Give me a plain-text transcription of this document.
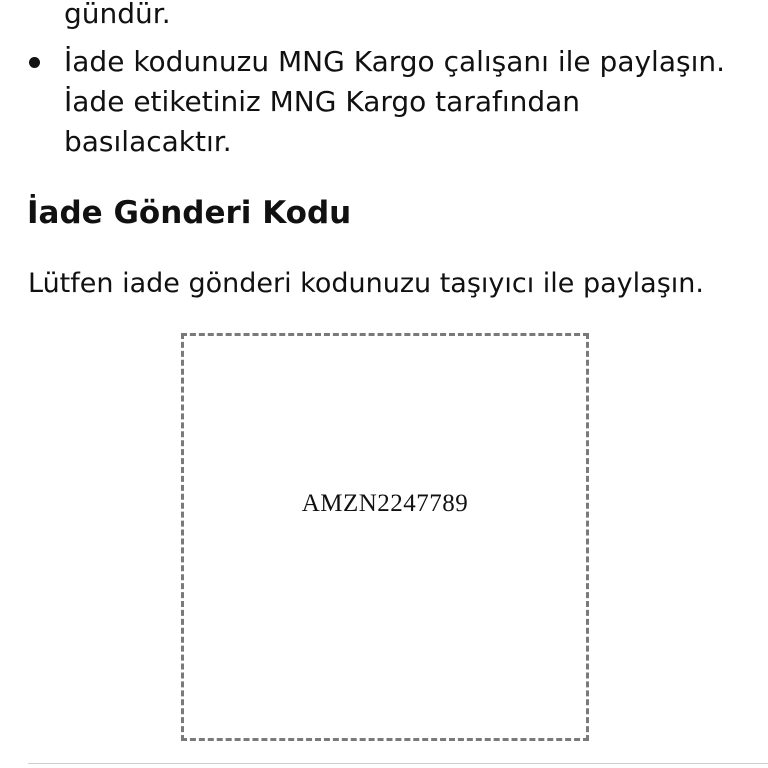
gündür.
İade kodunuzu MNG Kargo çalışanı ile paylaşın.
İade etiketiniz MNG Kargo tarafından
basılacaktır.
İade Gönderi Kodu

Lütfen iade gönderi kodunuzu taşıyıcı ile paylaşın.

AMZN2247789
